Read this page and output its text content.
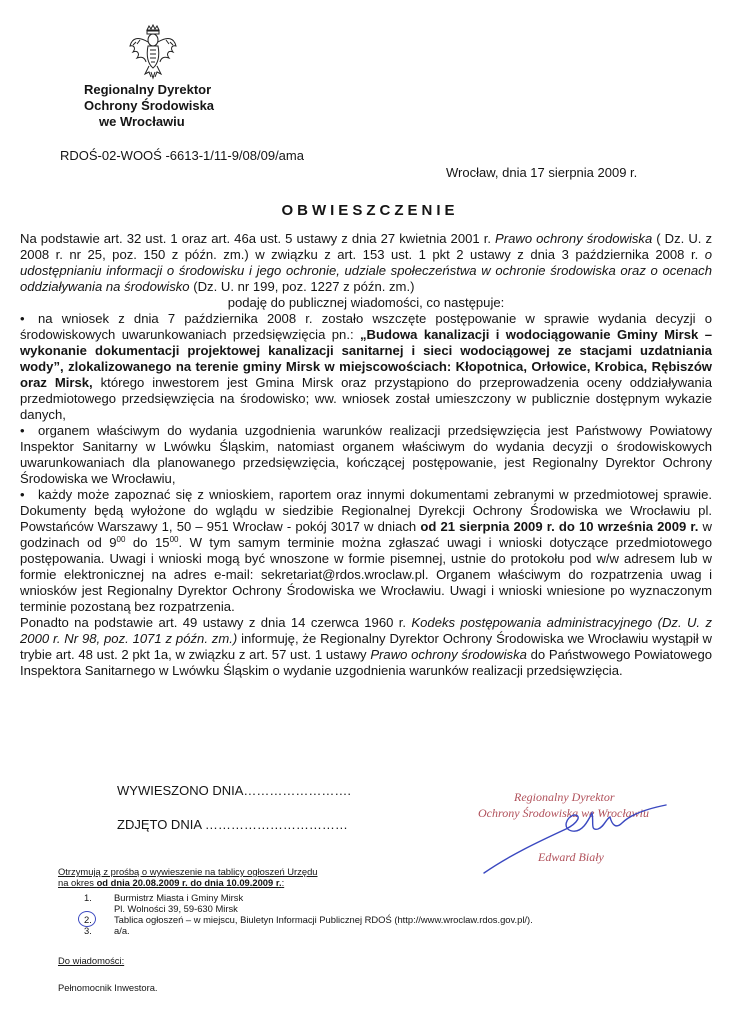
Regionalny Dyrektor
Ochrony Środowiska
we Wrocławiu
RDOŚ-02-WOOŚ -6613-1/11-9/08/09/ama
Wrocław, dnia 17 sierpnia 2009 r.
OBWIESZCZENIE

Na podstawie art. 32 ust. 1 oraz art. 46a ust. 5 ustawy z dnia 27 kwietnia 2001 r. Prawo ochrony środowiska ( Dz. U. z 2008 r. nr 25, poz. 150 z późn. zm.) w związku z art. 153 ust. 1 pkt 2 ustawy z dnia 3 października 2008 r. o udostępnianiu informacji o środowisku i jego ochronie, udziale społeczeństwa w ochronie środowiska oraz o ocenach oddziaływania na środowisko (Dz. U. nr 199, poz. 1227 z późn. zm.)

podaję do publicznej wiadomości, co następuje:

• na wniosek z dnia 7 października 2008 r. zostało wszczęte postępowanie w sprawie wydania decyzji o środowiskowych uwarunkowaniach przedsięwzięcia pn.: „Budowa kanalizacji i wodociągowanie Gminy Mirsk – wykonanie dokumentacji projektowej kanalizacji sanitarnej i sieci wodociągowej ze stacjami uzdatniania wody”, zlokalizowanego na terenie gminy Mirsk w miejscowościach: Kłopotnica, Orłowice, Krobica, Rębiszów oraz Mirsk, którego inwestorem jest Gmina Mirsk oraz przystąpiono do przeprowadzenia oceny oddziaływania przedmiotowego przedsięwzięcia na środowisko; ww. wniosek został umieszczony w publicznie dostępnym wykazie danych,

• organem właściwym do wydania uzgodnienia warunków realizacji przedsięwzięcia jest Państwowy Powiatowy Inspektor Sanitarny w Lwówku Śląskim, natomiast organem właściwym do wydania decyzji o środowiskowych uwarunkowaniach dla planowanego przedsięwzięcia, kończącej postępowanie, jest Regionalny Dyrektor Ochrony Środowiska we Wrocławiu,

• każdy może zapoznać się z wnioskiem, raportem oraz innymi dokumentami zebranymi w przedmiotowej sprawie. Dokumenty będą wyłożone do wglądu w siedzibie Regionalnej Dyrekcji Ochrony Środowiska we Wrocławiu pl. Powstańców Warszawy 1, 50 – 951 Wrocław - pokój 3017 w dniach od 21 sierpnia 2009 r. do 10 września 2009 r. w godzinach od $9^{00}$ do $15^{00}$. W tym samym terminie można zgłaszać uwagi i wnioski dotyczące przedmiotowego postępowania. Uwagi i wnioski mogą być wnoszone w formie pisemnej, ustnie do protokołu pod w/w adresem lub w formie elektronicznej na adres e-mail: sekretariat@rdos.wroclaw.pl. Organem właściwym do rozpatrzenia uwag i wniosków jest Regionalny Dyrektor Ochrony Środowiska we Wrocławiu. Uwagi i wnioski wniesione po wyznaczonym terminie pozostaną bez rozpatrzenia.

Ponadto na podstawie art. 49 ustawy z dnia 14 czerwca 1960 r. Kodeks postępowania administracyjnego (Dz. U. z 2000 r. Nr 98, poz. 1071 z późn. zm.) informuję, że Regionalny Dyrektor Ochrony Środowiska we Wrocławiu wystąpił w trybie art. 48 ust. 2 pkt 1a, w związku z art. 57 ust. 1 ustawy Prawo ochrony środowiska do Państwowego Powiatowego Inspektora Sanitarnego w Lwówku Śląskim o wydanie uzgodnienia warunków realizacji przedsięwzięcia.

WYWIESZONO DNIA…………………….
ZDJĘTO DNIA ……………………………
Regionalny Dyrektor
Ochrony Środowiska we Wrocławiu
Edward Biały
Otrzymują z prośbą o wywieszenie na tablicy ogłoszeń Urzędu
na okres od dnia 20.08.2009 r. do dnia 10.09.2009 r.:
1. Burmistrz Miasta i Gminy Mirsk
Pl. Wolności 39, 59-630 Mirsk
2. Tablica ogłoszeń – w miejscu, Biuletyn Informacji Publicznej RDOŚ (http://www.wroclaw.rdos.gov.pl/).
3. a/a.
Do wiadomości:
Pełnomocnik Inwestora.
